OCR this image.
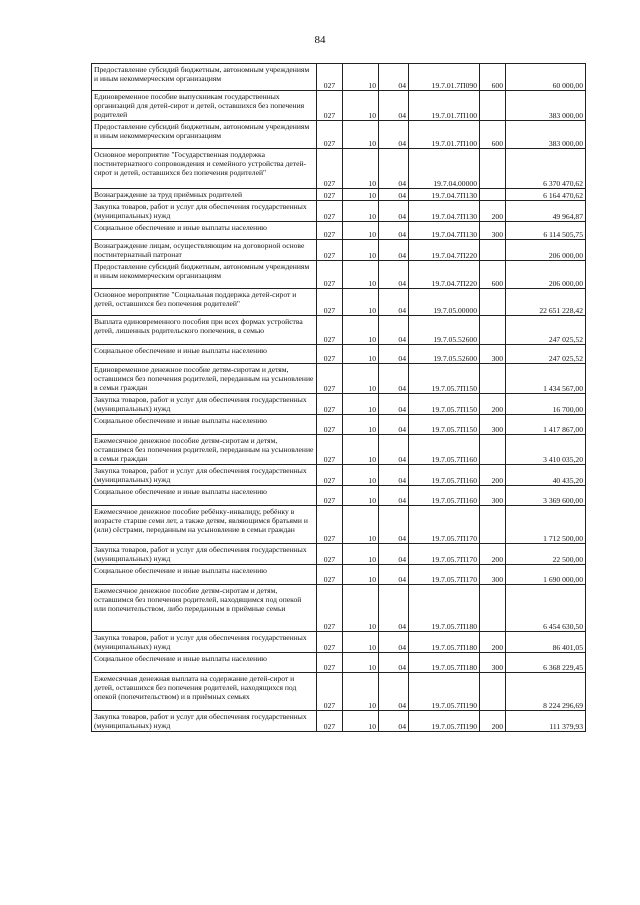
84
Предоставление субсидий бюджетным, автономным учреждениям и иным некоммерческим организациям	027	10	04	19.7.01.7П090	600	60 000,00
Единовременное пособие выпускникам государственных организаций для детей-сирот и детей, оставшихся без попечения родителей	027	10	04	19.7.01.7П100		383 000,00
Предоставление субсидий бюджетным, автономным учреждениям и иным некоммерческим организациям	027	10	04	19.7.01.7П100	600	383 000,00
Основное мероприятие "Государственная поддержка постинтернатного сопровождения и семейного устройства детей-сирот и детей, оставшихся без попечения родителей"	027	10	04	19.7.04.00000		6 370 470,62
Вознаграждение за труд приёмных родителей	027	10	04	19.7.04.7П130		6 164 470,62
Закупка товаров, работ и услуг для обеспечения государственных (муниципальных) нужд	027	10	04	19.7.04.7П130	200	49 964,87
Социальное обеспечение и иные выплаты населению	027	10	04	19.7.04.7П130	300	6 114 505,75
Вознаграждение лицам, осуществляющим на договорной основе постинтернатный патронат	027	10	04	19.7.04.7П220		206 000,00
Предоставление субсидий бюджетным, автономным учреждениям и иным некоммерческим организациям	027	10	04	19.7.04.7П220	600	206 000,00
Основное мероприятие "Социальная поддержка детей-сирот и детей, оставшихся без попечения родителей"	027	10	04	19.7.05.00000		22 651 228,42
Выплата единовременного пособия при всех формах устройства детей, лишенных родительского попечения, в семью	027	10	04	19.7.05.52600		247 025,52
Социальное обеспечение и иные выплаты населению	027	10	04	19.7.05.52600	300	247 025,52
Единовременное денежное пособие детям-сиротам и детям, оставшимся без попечения родителей, переданным на усыновление в семьи граждан	027	10	04	19.7.05.7П150		1 434 567,00
Закупка товаров, работ и услуг для обеспечения государственных (муниципальных) нужд	027	10	04	19.7.05.7П150	200	16 700,00
Социальное обеспечение и иные выплаты населению	027	10	04	19.7.05.7П150	300	1 417 867,00
Ежемесячное денежное пособие детям-сиротам и детям, оставшимся без попечения родителей, переданным на усыновление в семьи граждан	027	10	04	19.7.05.7П160		3 410 035,20
Закупка товаров, работ и услуг для обеспечения государственных (муниципальных) нужд	027	10	04	19.7.05.7П160	200	40 435,20
Социальное обеспечение и иные выплаты населению	027	10	04	19.7.05.7П160	300	3 369 600,00
Ежемесячное денежное пособие ребёнку-инвалиду, ребёнку в возрасте старше семи лет, а также детям, являющимся братьями и (или) сёстрами, переданным на усыновление в семьи граждан	027	10	04	19.7.05.7П170		1 712 500,00
Закупка товаров, работ и услуг для обеспечения государственных (муниципальных) нужд	027	10	04	19.7.05.7П170	200	22 500,00
Социальное обеспечение и иные выплаты населению	027	10	04	19.7.05.7П170	300	1 690 000,00
Ежемесячное денежное пособие детям-сиротам и детям, оставшимся без попечения родителей, находящимся под опекой или попечительством, либо переданным в приёмные семьи	027	10	04	19.7.05.7П180		6 454 630,50
Закупка товаров, работ и услуг для обеспечения государственных (муниципальных) нужд	027	10	04	19.7.05.7П180	200	86 401,05
Социальное обеспечение и иные выплаты населению	027	10	04	19.7.05.7П180	300	6 368 229,45
Ежемесячная денежная выплата на содержание детей-сирот и детей, оставшихся без попечения родителей, находящихся под опекой (попечительством) и в приёмных семьях	027	10	04	19.7.05.7П190		8 224 296,69
Закупка товаров, работ и услуг для обеспечения государственных (муниципальных) нужд	027	10	04	19.7.05.7П190	200	111 379,93
